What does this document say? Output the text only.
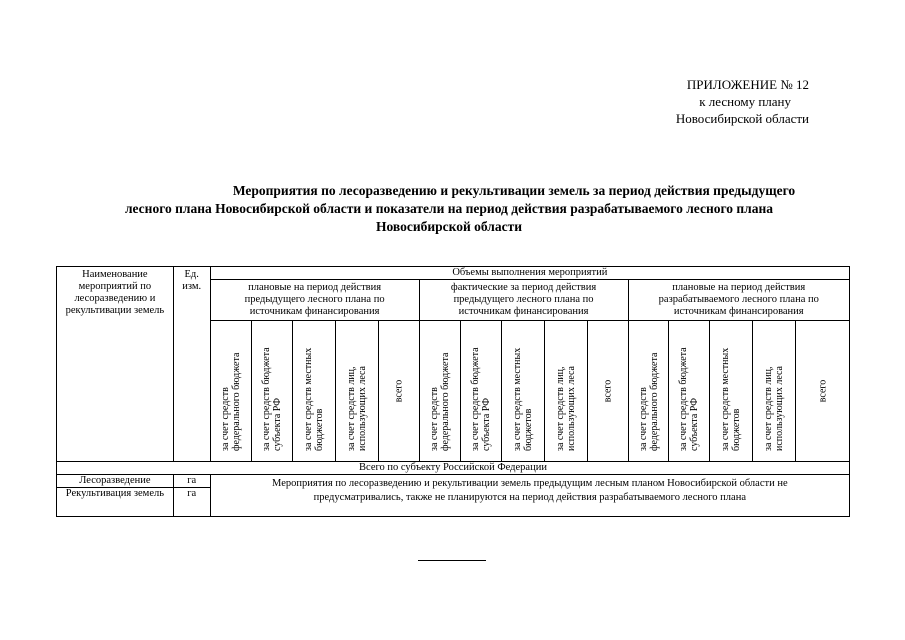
ПРИЛОЖЕНИЕ № 12
к лесному плану
Новосибирской области
Мероприятия по лесоразведению и рекультивации земель за период действия предыдущего
лесного плана Новосибирской области и показатели на период действия разрабатываемого лесного плана
Новосибирской области
Наименование мероприятий по лесоразведению и рекультивации земель	Ед. изм.	Объемы выполнения мероприятий														
		плановые на период действия предыдущего лесного плана по источникам финансирования					фактические за период действия предыдущего лесного плана по источникам финансирования					плановые на период действия разрабатываемого лесного плана по источникам финансирования				

		за счет средств федерального бюджета	за счет средств бюджета субъекта РФ	за счет средств местных бюджетов	за счет средств лиц, использующих леса	всего	за счет средств федерального бюджета	за счет средств бюджета субъекта РФ	за счет средств местных бюджетов	за счет средств лиц, использующих леса	всего	за счет средств федерального бюджета	за счет средств бюджета субъекта РФ	за счет средств местных бюджетов	за счет средств лиц, использующих леса	всего

Всего по субъекту Российской Федерации																
Лесоразведение	га	Мероприятия по лесоразведению и рекультивации земель предыдущим лесным планом Новосибирской области не предусматривались, также не планируются на период действия разрабатываемого лесного плана														
Рекультивация земель	га															
